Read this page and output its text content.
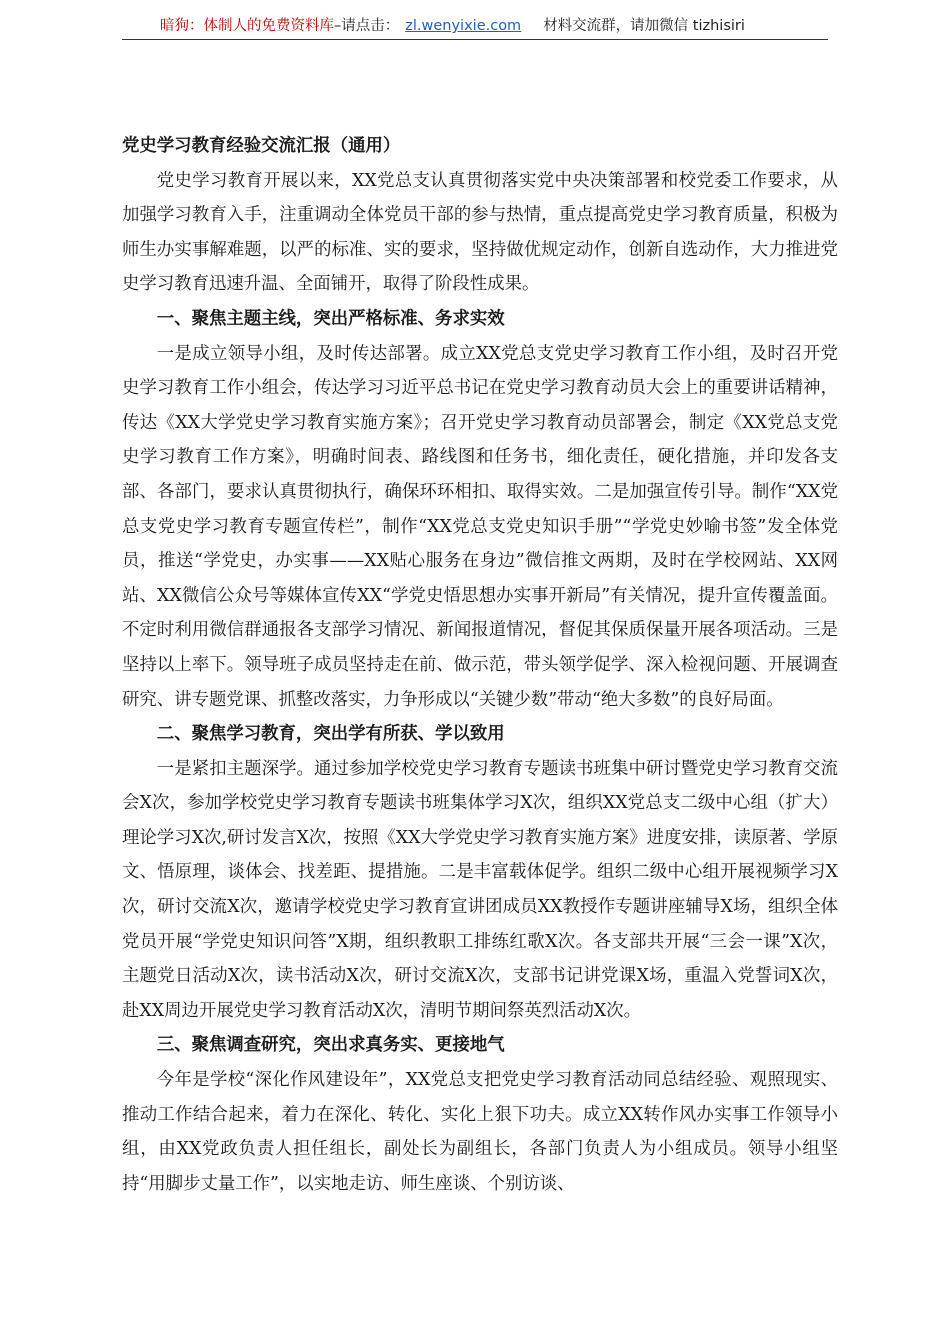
暗狗：体制人的免费资料库–请点击： zl.wenyixie.com 材料交流群，请加微信 tizhisiri

党史学习教育经验交流汇报（通用）

党史学习教育开展以来，XX党总支认真贯彻落实党中央决策部署和校党委工作要求，从加强学习教育入手，注重调动全体党员干部的参与热情，重点提高党史学习教育质量，积极为师生办实事解难题，以严的标准、实的要求，坚持做优规定动作，创新自选动作，大力推进党史学习教育迅速升温、全面铺开，取得了阶段性成果。

一、聚焦主题主线，突出严格标准、务求实效

一是成立领导小组，及时传达部署。成立XX党总支党史学习教育工作小组，及时召开党史学习教育工作小组会，传达学习习近平总书记在党史学习教育动员大会上的重要讲话精神，传达《XX大学党史学习教育实施方案》；召开党史学习教育动员部署会，制定《XX党总支党史学习教育工作方案》，明确时间表、路线图和任务书，细化责任，硬化措施，并印发各支部、各部门，要求认真贯彻执行，确保环环相扣、取得实效。二是加强宣传引导。制作“XX党总支党史学习教育专题宣传栏”，制作“XX党总支党史知识手册”“学党史妙喻书签”发全体党员，推送“学党史，办实事——XX贴心服务在身边”微信推文两期，及时在学校网站、XX网站、XX微信公众号等媒体宣传XX“学党史悟思想办实事开新局”有关情况，提升宣传覆盖面。不定时利用微信群通报各支部学习情况、新闻报道情况，督促其保质保量开展各项活动。三是坚持以上率下。领导班子成员坚持走在前、做示范，带头领学促学、深入检视问题、开展调查研究、讲专题党课、抓整改落实，力争形成以“关键少数”带动“绝大多数”的良好局面。

二、聚焦学习教育，突出学有所获、学以致用

一是紧扣主题深学。通过参加学校党史学习教育专题读书班集中研讨暨党史学习教育交流会X次，参加学校党史学习教育专题读书班集体学习X次，组织XX党总支二级中心组（扩大）理论学习X次,研讨发言X次，按照《XX大学党史学习教育实施方案》进度安排，读原著、学原文、悟原理，谈体会、找差距、提措施。二是丰富载体促学。组织二级中心组开展视频学习X次，研讨交流X次，邀请学校党史学习教育宣讲团成员XX教授作专题讲座辅导X场，组织全体党员开展“学党史知识问答”X期，组织教职工排练红歌X次。各支部共开展“三会一课”X次，主题党日活动X次，读书活动X次，研讨交流X次，支部书记讲党课X场，重温入党誓词X次，赴XX周边开展党史学习教育活动X次，清明节期间祭英烈活动X次。

三、聚焦调查研究，突出求真务实、更接地气

今年是学校“深化作风建设年”，XX党总支把党史学习教育活动同总结经验、观照现实、推动工作结合起来，着力在深化、转化、实化上狠下功夫。成立XX转作风办实事工作领导小组，由XX党政负责人担任组长，副处长为副组长，各部门负责人为小组成员。领导小组坚持“用脚步丈量工作”，以实地走访、师生座谈、个别访谈、
